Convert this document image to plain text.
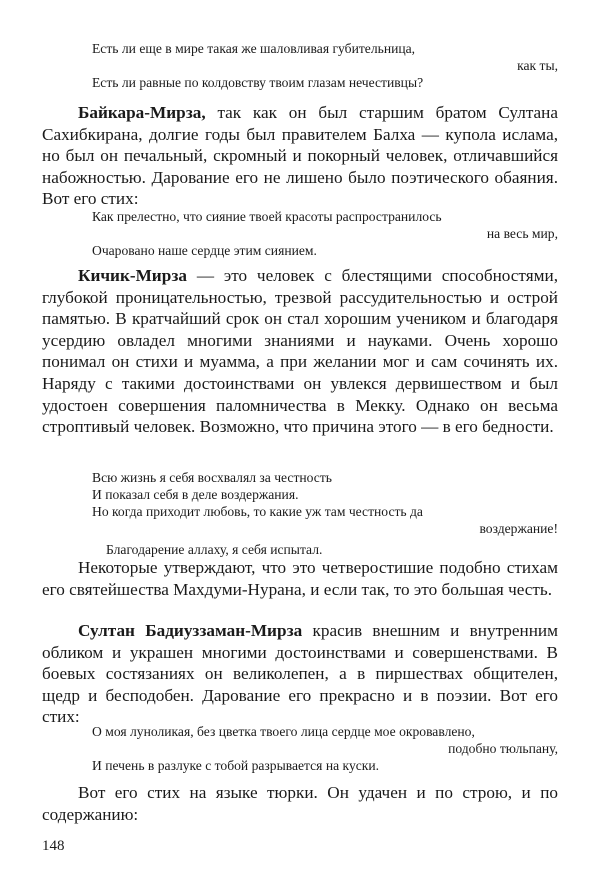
Есть ли еще в мире такая же шаловливая губительница,
как ты,
Есть ли равные по колдовству твоим глазам нечестивцы?

Байкара-Мирза, так как он был старшим братом Султана Сахибкирана, долгие годы был правителем Балха — купола ислама, но был он печальный, скромный и покорный человек, отличавшийся набожностью. Дарование его не лишено было поэтического обаяния. Вот его стих:

Как прелестно, что сияние твоей красоты распространилось
на весь мир,
Очаровано наше сердце этим сиянием.

Кичик-Мирза — это человек с блестящими способностями, глубокой проницательностью, трезвой рассудительностью и острой памятью. В кратчайший срок он стал хорошим учеником и благодаря усердию овладел многими знаниями и науками. Очень хорошо понимал он стихи и муамма, а при желании мог и сам сочинять их. Наряду с такими достоинствами он увлекся дервишеством и был удостоен совершения паломничества в Мекку. Однако он весьма строптивый человек. Возможно, что причина этого — в его бедности.

Всю жизнь я себя восхвалял за честность
И показал себя в деле воздержания.
Но когда приходит любовь, то какие уж там честность да
воздержание!
Благодарение аллаху, я себя испытал.

Некоторые утверждают, что это четверостишие подобно стихам его святейшества Махдуми-Нурана, и если так, то это большая честь.

Султан Бадиуззаман-Мирза красив внешним и внутренним обликом и украшен многими достоинствами и совершенствами. В боевых состязаниях он великолепен, а в пиршествах общителен, щедр и бесподобен. Дарование его прекрасно и в поэзии. Вот его стих:

О моя луноликая, без цветка твоего лица сердце мое окровавлено,
подобно тюльпану,
И печень в разлуке с тобой разрывается на куски.

Вот его стих на языке тюрки. Он удачен и по строю, и по содержанию:

148
